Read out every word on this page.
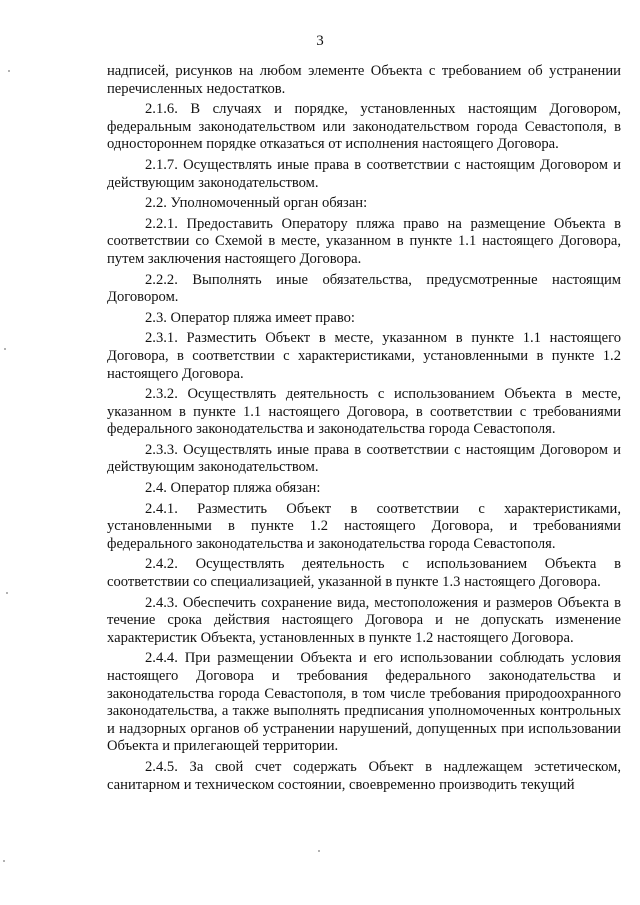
3

надписей, рисунков на любом элементе Объекта с требованием об устранении перечисленных недостатков.

2.1.6. В случаях и порядке, установленных настоящим Договором, федеральным законодательством или законодательством города Севастополя, в одностороннем порядке отказаться от исполнения настоящего Договора.

2.1.7. Осуществлять иные права в соответствии с настоящим Договором и действующим законодательством.

2.2. Уполномоченный орган обязан:

2.2.1. Предоставить Оператору пляжа право на размещение Объекта в соответствии со Схемой в месте, указанном в пункте 1.1 настоящего Договора, путем заключения настоящего Договора.

2.2.2. Выполнять иные обязательства, предусмотренные настоящим Договором.

2.3. Оператор пляжа имеет право:

2.3.1. Разместить Объект в месте, указанном в пункте 1.1 настоящего Договора, в соответствии с характеристиками, установленными в пункте 1.2 настоящего Договора.

2.3.2. Осуществлять деятельность с использованием Объекта в месте, указанном в пункте 1.1 настоящего Договора, в соответствии с требованиями федерального законодательства и законодательства города Севастополя.

2.3.3. Осуществлять иные права в соответствии с настоящим Договором и действующим законодательством.

2.4. Оператор пляжа обязан:

2.4.1. Разместить Объект в соответствии с характеристиками, установленными в пункте 1.2 настоящего Договора, и требованиями федерального законодательства и законодательства города Севастополя.

2.4.2. Осуществлять деятельность с использованием Объекта в соответствии со специализацией, указанной в пункте 1.3 настоящего Договора.

2.4.3. Обеспечить сохранение вида, местоположения и размеров Объекта в течение срока действия настоящего Договора и не допускать изменение характеристик Объекта, установленных в пункте 1.2 настоящего Договора.

2.4.4. При размещении Объекта и его использовании соблюдать условия настоящего Договора и требования федерального законодательства и законодательства города Севастополя, в том числе требования природоохранного законодательства, а также выполнять предписания уполномоченных контрольных и надзорных органов об устранении нарушений, допущенных при использовании Объекта и прилегающей территории.

2.4.5. За свой счет содержать Объект в надлежащем эстетическом, санитарном и техническом состоянии, своевременно производить текущий
